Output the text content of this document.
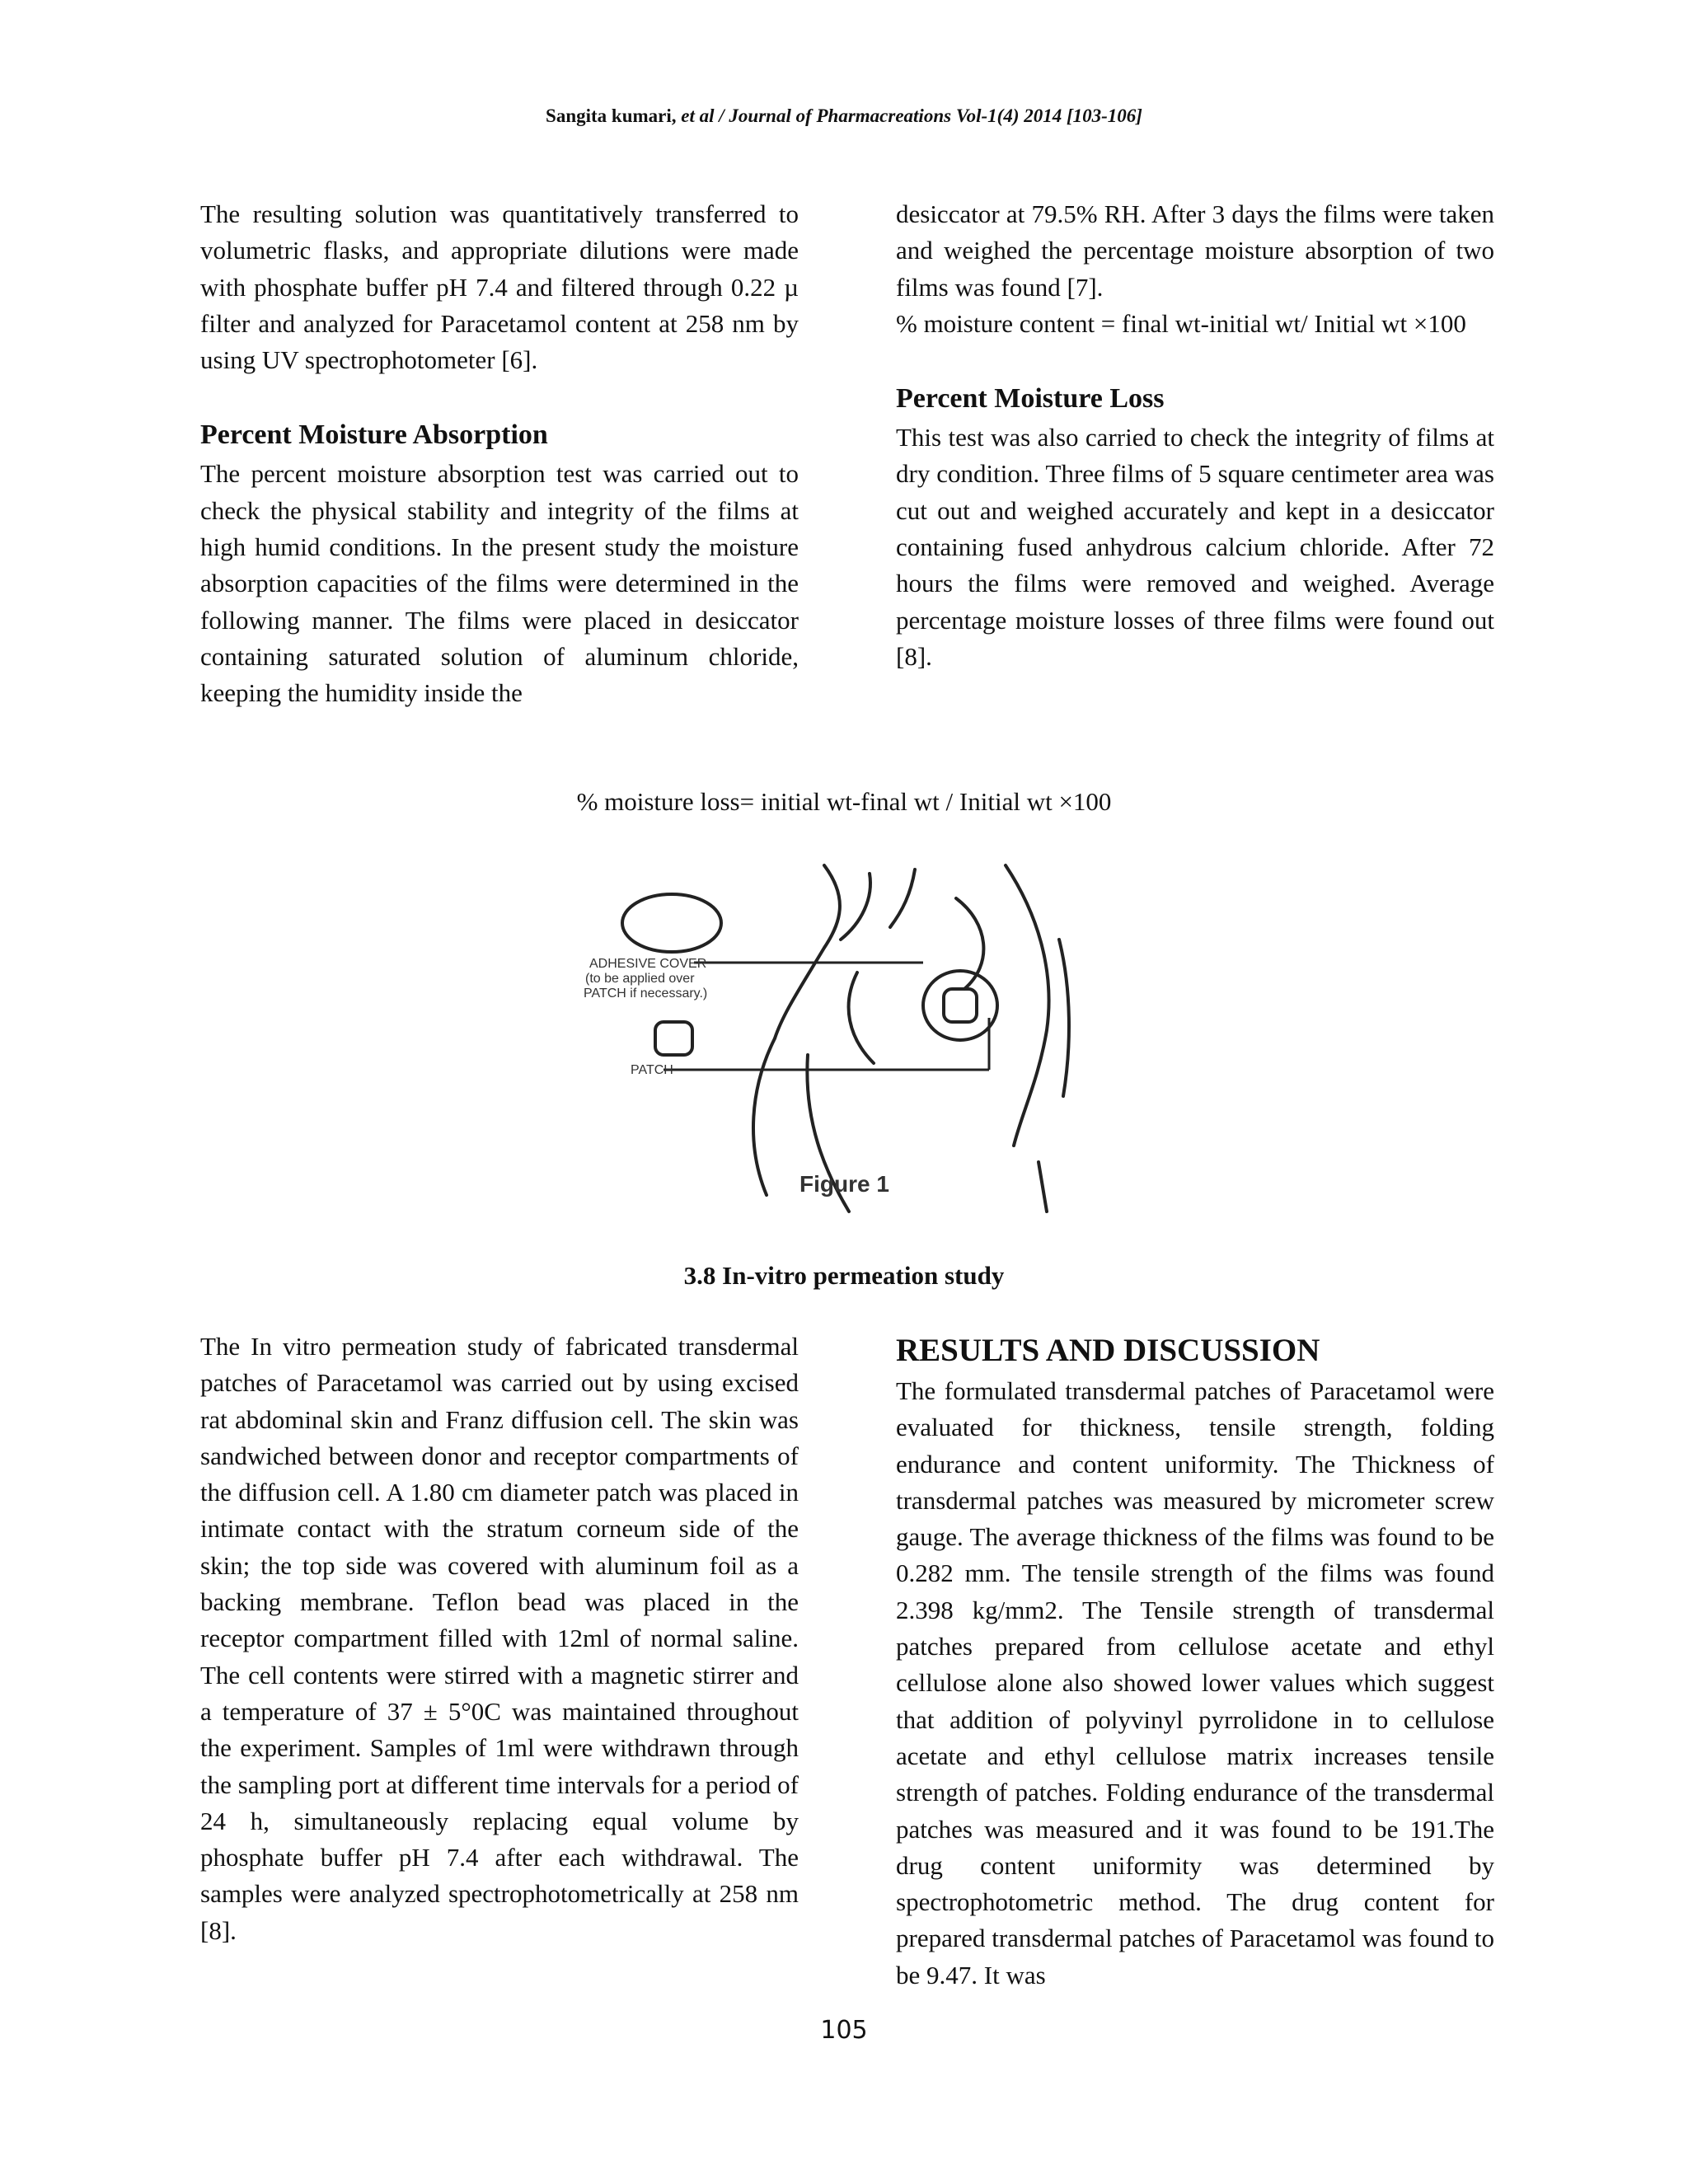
Sangita kumari, et al / Journal of Pharmacreations Vol-1(4) 2014 [103-106]

The resulting solution was quantitatively transferred to volumetric flasks, and appropriate dilutions were made with phosphate buffer pH 7.4 and filtered through 0.22 µ filter and analyzed for Paracetamol content at 258 nm by using UV spectrophotometer [6].

Percent Moisture Absorption

The percent moisture absorption test was carried out to check the physical stability and integrity of the films at high humid conditions. In the present study the moisture absorption capacities of the films were determined in the following manner. The films were placed in desiccator containing saturated solution of aluminum chloride, keeping the humidity inside the

desiccator at 79.5% RH. After 3 days the films were taken and weighed the percentage moisture absorption of two films was found [7].

% moisture content = final wt-initial wt/ Initial wt ×100

Percent Moisture Loss

This test was also carried to check the integrity of films at dry condition. Three films of 5 square centimeter area was cut out and weighed accurately and kept in a desiccator containing fused anhydrous calcium chloride. After 72 hours the films were removed and weighed. Average percentage moisture losses of three films were found out [8].

% moisture loss= initial wt-final wt / Initial wt ×100
ADHESIVE COVER
(to be applied over
PATCH if necessary.)
PATCH
Figure 1
3.8 In-vitro permeation study

The In vitro permeation study of fabricated transdermal patches of Paracetamol was carried out by using excised rat abdominal skin and Franz diffusion cell. The skin was sandwiched between donor and receptor compartments of the diffusion cell. A 1.80 cm diameter patch was placed in intimate contact with the stratum corneum side of the skin; the top side was covered with aluminum foil as a backing membrane. Teflon bead was placed in the receptor compartment filled with 12ml of normal saline. The cell contents were stirred with a magnetic stirrer and a temperature of 37 ± 5°0C was maintained throughout the experiment. Samples of 1ml were withdrawn through the sampling port at different time intervals for a period of 24 h, simultaneously replacing equal volume by phosphate buffer pH 7.4 after each withdrawal. The samples were analyzed spectrophotometrically at 258 nm [8].

RESULTS AND DISCUSSION

The formulated transdermal patches of Paracetamol were evaluated for thickness, tensile strength, folding endurance and content uniformity. The Thickness of transdermal patches was measured by micrometer screw gauge. The average thickness of the films was found to be 0.282 mm. The tensile strength of the films was found 2.398 kg/mm2. The Tensile strength of transdermal patches prepared from cellulose acetate and ethyl cellulose alone also showed lower values which suggest that addition of polyvinyl pyrrolidone in to cellulose acetate and ethyl cellulose matrix increases tensile strength of patches. Folding endurance of the transdermal patches was measured and it was found to be 191.The drug content uniformity was determined by spectrophotometric method. The drug content for prepared transdermal patches of Paracetamol was found to be 9.47. It was

105
